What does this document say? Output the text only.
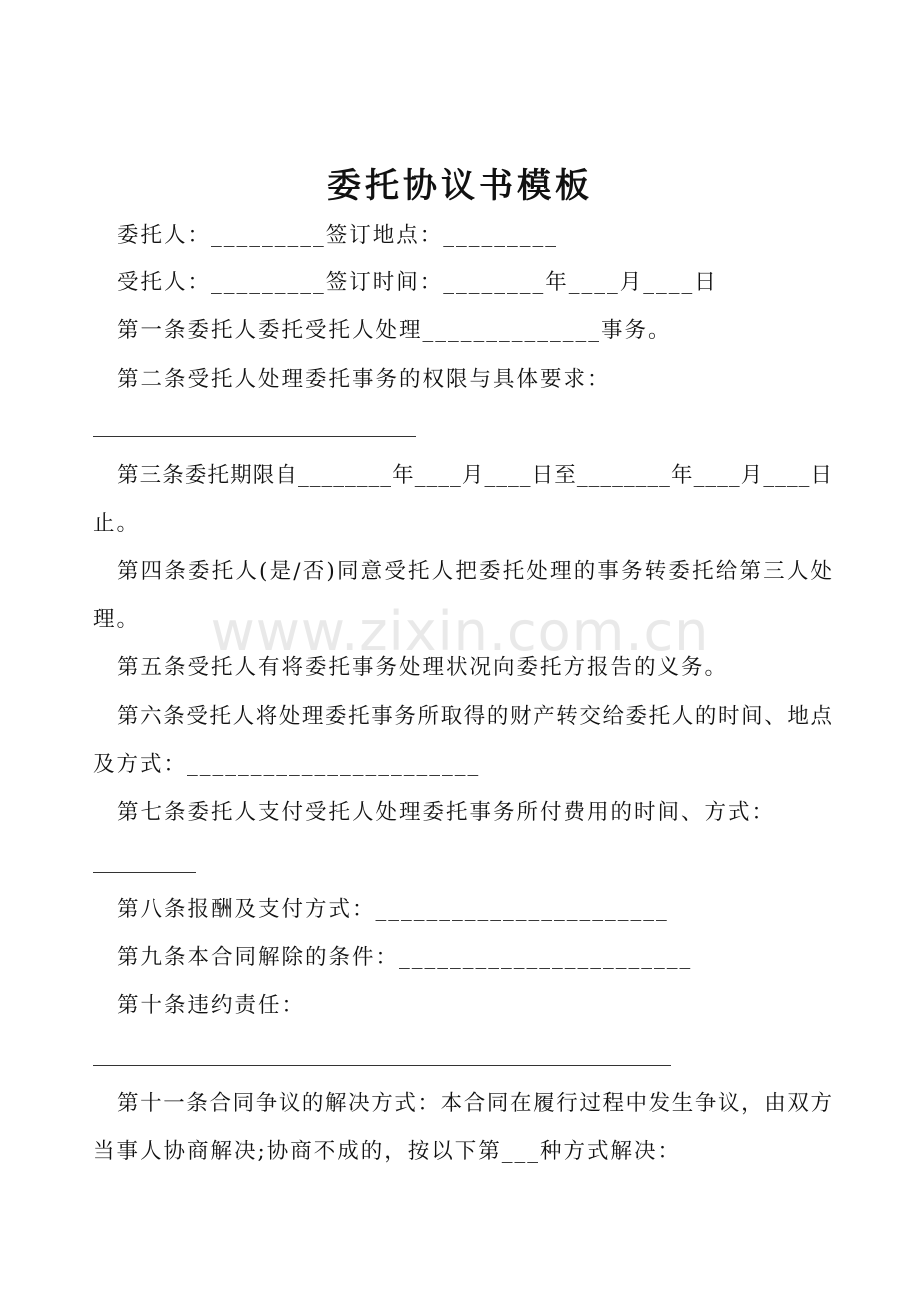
www.zixin.com.cn
委托协议书模板
委托人：_________签订地点：_________
受托人：_________签订时间：________年____月____日
第一条委托人委托受托人处理______________事务。
第二条受托人处理委托事务的权限与具体要求：
第三条委托期限自________年____月____日至________年____月____日
止。
第四条委托人(是/否)同意受托人把委托处理的事务转委托给第三人处
理。
第五条受托人有将委托事务处理状况向委托方报告的义务。
第六条受托人将处理委托事务所取得的财产转交给委托人的时间、地点
及方式：_______________________
第七条委托人支付受托人处理委托事务所付费用的时间、方式：
第八条报酬及支付方式：_______________________
第九条本合同解除的条件：_______________________
第十条违约责任：
第十一条合同争议的解决方式：本合同在履行过程中发生争议，由双方
当事人协商解决;协商不成的，按以下第___种方式解决：
